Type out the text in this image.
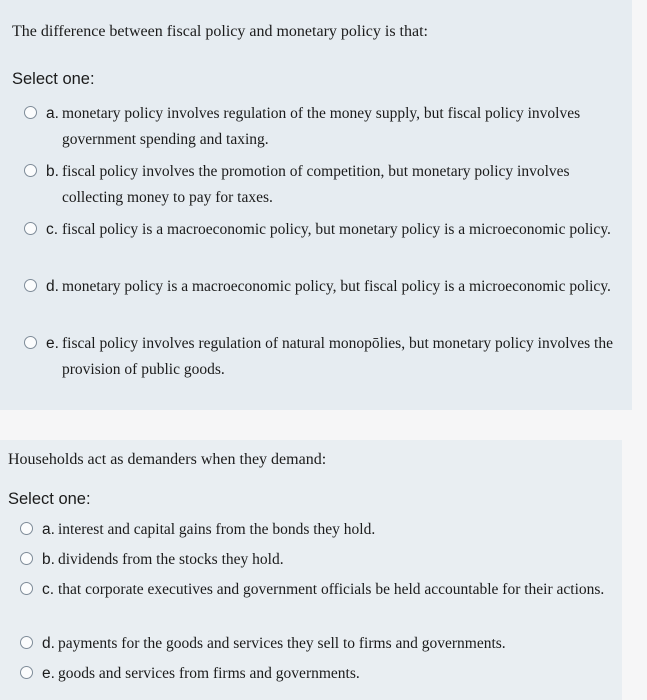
The difference between fiscal policy and monetary policy is that:
Select one:
a. monetary policy involves regulation of the money supply, but fiscal policy involves government spending and taxing.
b. fiscal policy involves the promotion of competition, but monetary policy involves collecting money to pay for taxes.
c. fiscal policy is a macroeconomic policy, but monetary policy is a microeconomic policy.
d. monetary policy is a macroeconomic policy, but fiscal policy is a microeconomic policy.
e. fiscal policy involves regulation of natural monopōlies, but monetary policy involves the provision of public goods.
Households act as demanders when they demand:
Select one:
a. interest and capital gains from the bonds they hold.
b. dividends from the stocks they hold.
c. that corporate executives and government officials be held accountable for their actions.
d. payments for the goods and services they sell to firms and governments.
e. goods and services from firms and governments.
